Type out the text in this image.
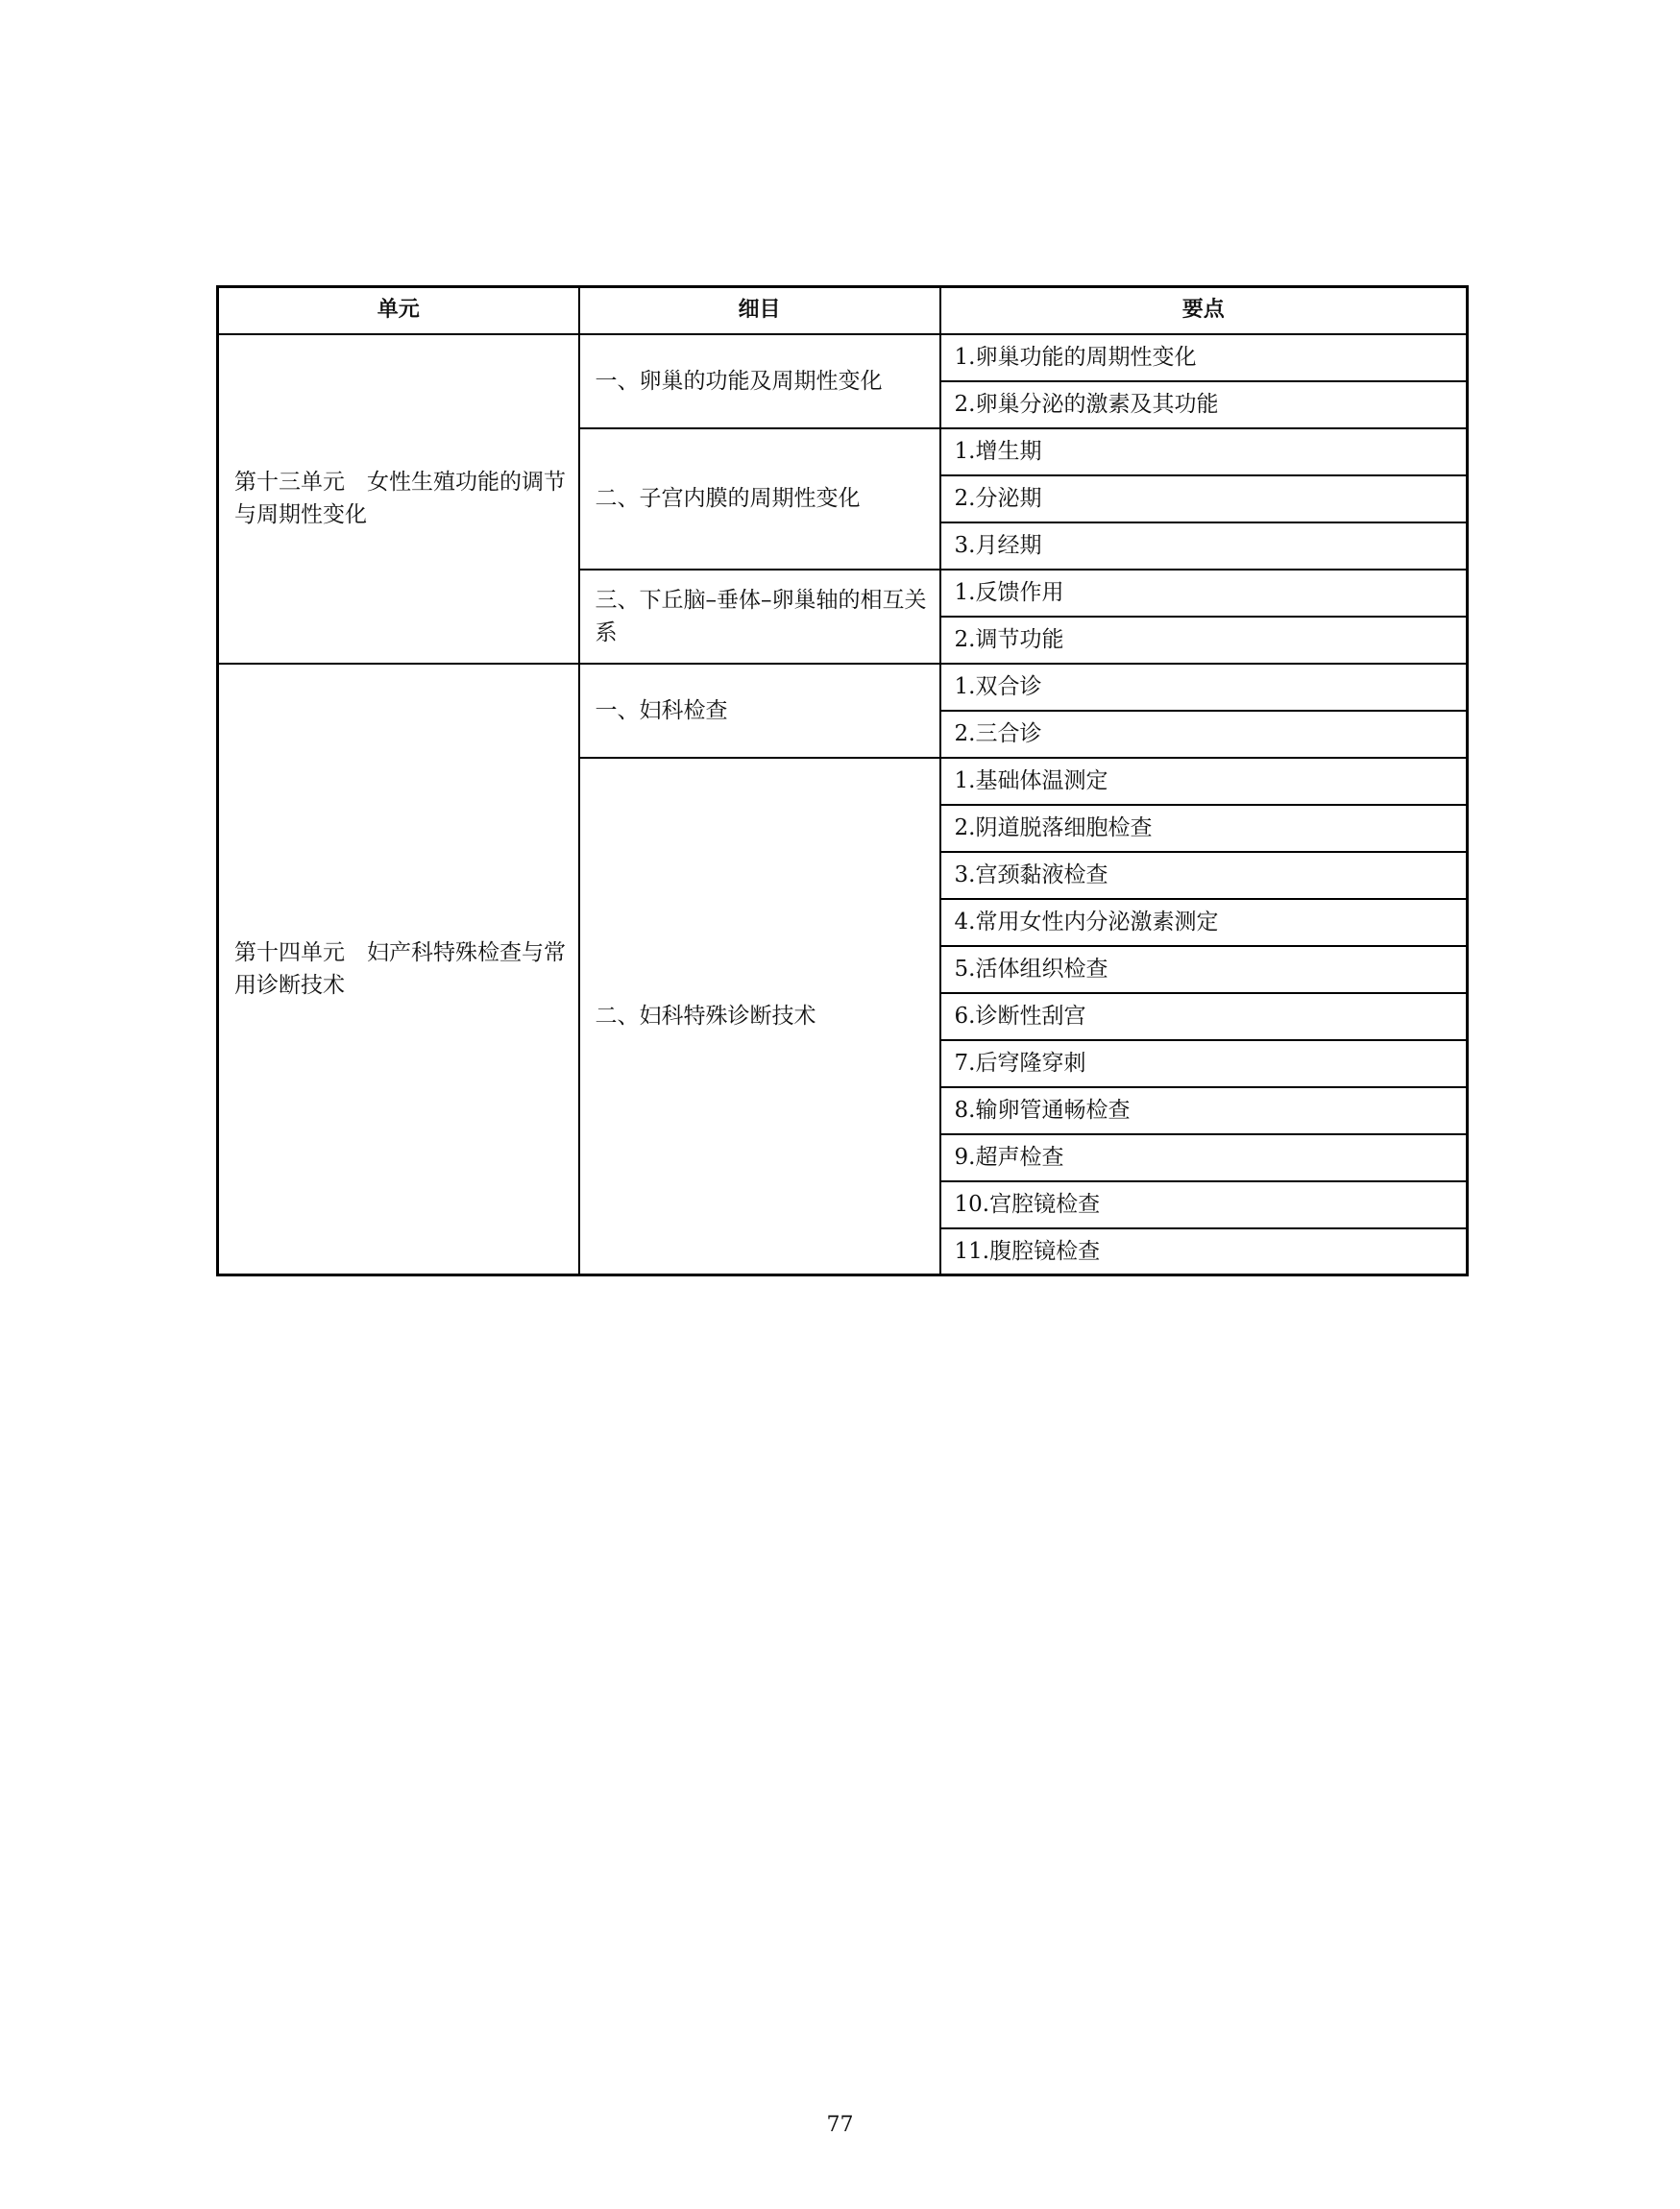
单元	细目	要点
第十三单元　女性生殖功能的调节与周期性变化	一、卵巢的功能及周期性变化	1.卵巢功能的周期性变化
		2.卵巢分泌的激素及其功能
	二、子宫内膜的周期性变化	1.增生期
		2.分泌期
		3.月经期
	三、下丘脑–垂体–卵巢轴的相互关系	1.反馈作用
		2.调节功能
第十四单元　妇产科特殊检查与常用诊断技术	一、妇科检查	1.双合诊
		2.三合诊
	二、妇科特殊诊断技术	1.基础体温测定
		2.阴道脱落细胞检查
		3.宫颈黏液检查
		4.常用女性内分泌激素测定
		5.活体组织检查
		6.诊断性刮宫
		7.后穹隆穿刺
		8.输卵管通畅检查
		9.超声检查
		10.宫腔镜检查
		11.腹腔镜检查
77
